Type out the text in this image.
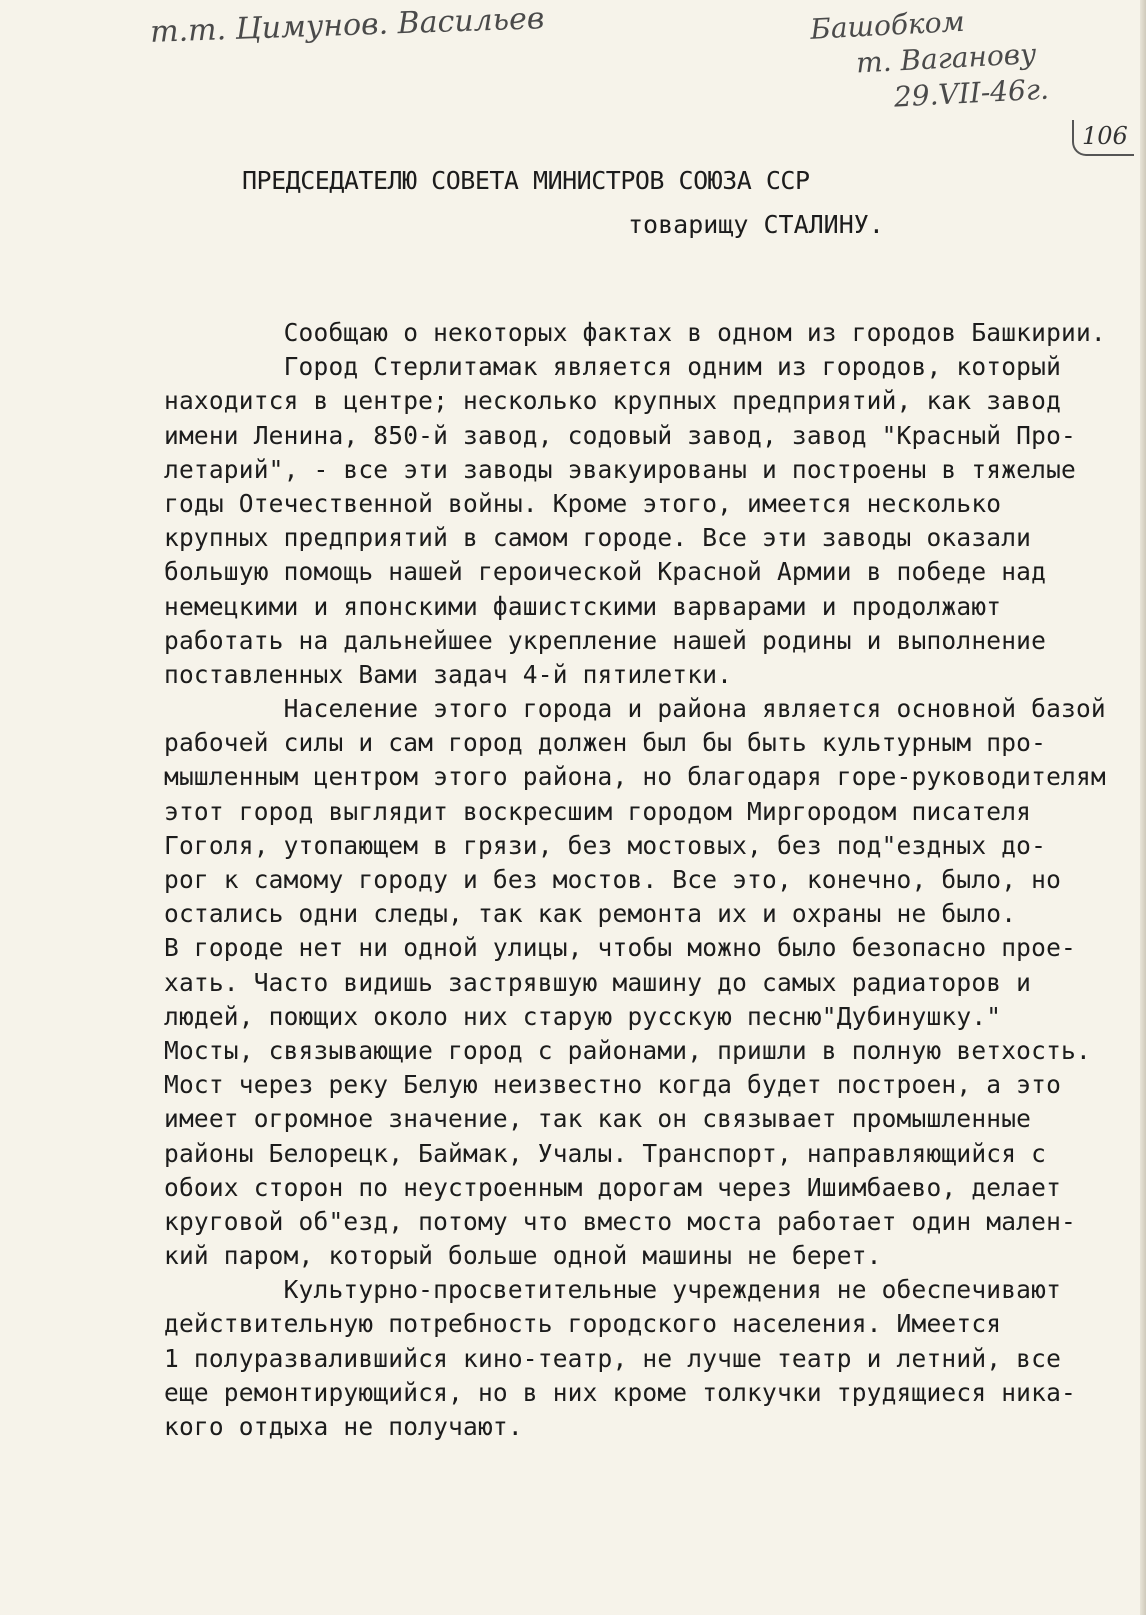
т.т. Цимунов. Васильев	Башобком
т. Ваганову
29.VII-46г.
106
ПРЕДСЕДАТЕЛЮ СОВЕТА МИНИСТРОВ СОЮЗА ССР
товарищу СТАЛИНУ.
Сообщаю о некоторых фактах в одном из городов Башкирии.
Город Стерлитамак является одним из городов, который
находится в центре; несколько крупных предприятий, как завод
имени Ленина, 850-й завод, содовый завод, завод "Красный Про-
летарий", - все эти заводы эвакуированы и построены в тяжелые
годы Отечественной войны. Кроме этого, имеется несколько
крупных предприятий в самом городе. Все эти заводы оказали
большую помощь нашей героической Красной Армии в победе над
немецкими и японскими фашистскими варварами и продолжают
работать на дальнейшее укрепление нашей родины и выполнение
поставленных Вами задач 4-й пятилетки.
Население этого города и района является основной базой
рабочей силы и сам город должен был бы быть культурным про-
мышленным центром этого района, но благодаря горе-руководителям
этот город выглядит воскресшим городом Миргородом писателя
Гоголя, утопающем в грязи, без мостовых, без под"ездных до-
рог к самому городу и без мостов. Все это, конечно, было, но
остались одни следы, так как ремонта их и охраны не было.
В городе нет ни одной улицы, чтобы можно было безопасно прое-
хать. Часто видишь застрявшую машину до самых радиаторов и
людей, поющих около них старую русскую песню"Дубинушку."
Мосты, связывающие город с районами, пришли в полную ветхость.
Мост через реку Белую неизвестно когда будет построен, а это
имеет огромное значение, так как он связывает промышленные
районы Белорецк, Баймак, Учалы. Транспорт, направляющийся с
обоих сторон по неустроенным дорогам через Ишимбаево, делает
круговой об"езд, потому что вместо моста работает один мален-
кий паром, который больше одной машины не берет.
Культурно-просветительные учреждения не обеспечивают
действительную потребность городского населения. Имеется
1 полуразвалившийся кино-театр, не лучше театр и летний, все
еще ремонтирующийся, но в них кроме толкучки трудящиеся ника-
кого отдыха не получают.
